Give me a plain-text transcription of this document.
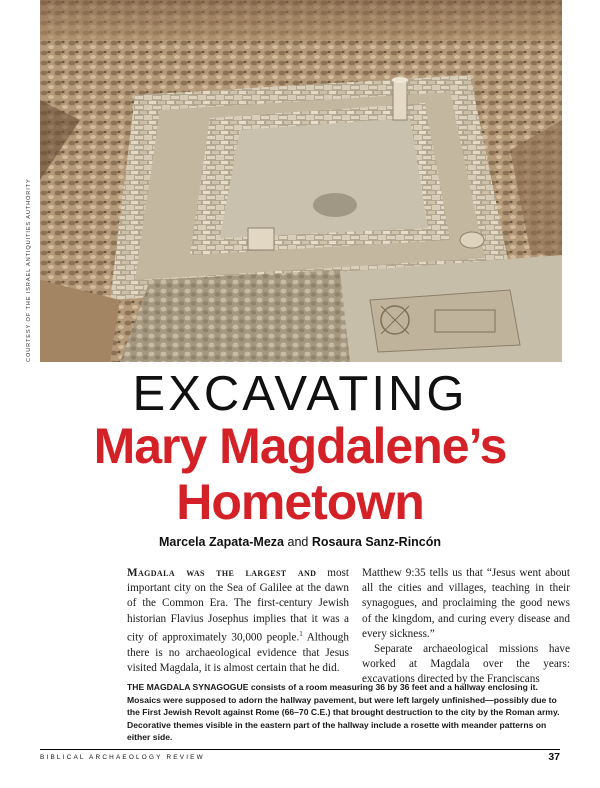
COURTESY OF THE ISRAEL ANTIQUITIES AUTHORITY
EXCAVATING
Mary Magdalene’s
Hometown
Marcela Zapata-Meza and Rosaura Sanz-Rincón

Magdala was the largest and most important city on the Sea of Galilee at the dawn of the Common Era. The first-century Jewish historian Flavius Josephus implies that it was a city of approximately 30,000 people.$^1$ Although there is no archaeological evidence that Jesus visited Magdala, it is almost certain that he did.

Matthew 9:35 tells us that “Jesus went about all the cities and villages, teaching in their synagogues, and proclaiming the good news of the kingdom, and curing every disease and every sickness.”

Separate archaeological missions have worked at Magdala over the years: excavations directed by the Franciscans

THE MAGDALA SYNAGOGUE consists of a room measuring 36 by 36 feet and a hallway enclosing it. Mosaics were supposed to adorn the hallway pavement, but were left largely unfinished—possibly due to the First Jewish Revolt against Rome (66–70 C.E.) that brought destruction to the city by the Roman army. Decorative themes visible in the eastern part of the hallway include a rosette with meander patterns on either side.
BIBLICAL ARCHAEOLOGY REVIEW	37
